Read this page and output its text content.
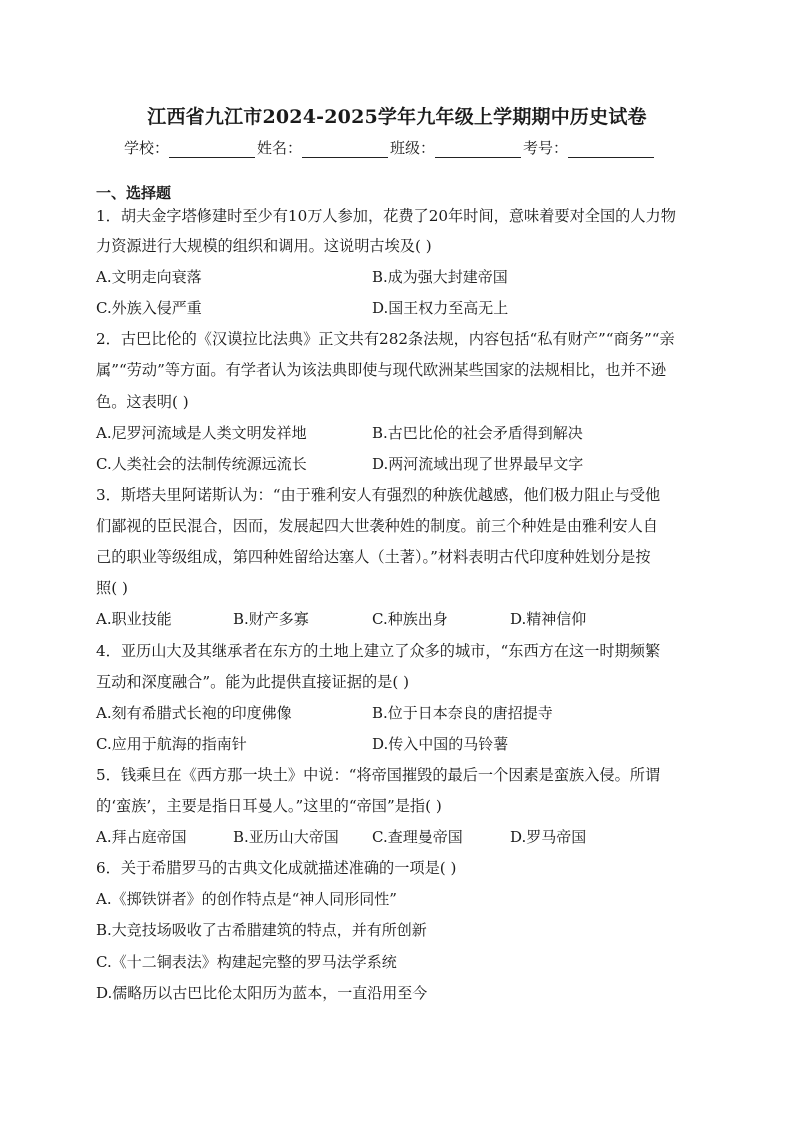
江西省九江市2024-2025学年九年级上学期期中历史试卷
学校：	姓名：	班级：	考号：
一、选择题
1．胡夫金字塔修建时至少有10万人参加，花费了20年时间，意味着要对全国的人力物
力资源进行大规模的组织和调用。这说明古埃及( )
A.文明走向衰落	B.成为强大封建帝国
C.外族入侵严重	D.国王权力至高无上
2．古巴比伦的《汉谟拉比法典》正文共有282条法规，内容包括“私有财产”“商务”“亲
属”“劳动”等方面。有学者认为该法典即使与现代欧洲某些国家的法规相比，也并不逊
色。这表明( )
A.尼罗河流域是人类文明发祥地	B.古巴比伦的社会矛盾得到解决
C.人类社会的法制传统源远流长	D.两河流域出现了世界最早文字
3．斯塔夫里阿诺斯认为：“由于雅利安人有强烈的种族优越感，他们极力阻止与受他
们鄙视的臣民混合，因而，发展起四大世袭种姓的制度。前三个种姓是由雅利安人自
己的职业等级组成，第四种姓留给达塞人（土著）。”材料表明古代印度种姓划分是按
照( )
A.职业技能	B.财产多寡	C.种族出身	D.精神信仰
4．亚历山大及其继承者在东方的土地上建立了众多的城市，“东西方在这一时期频繁
互动和深度融合”。能为此提供直接证据的是( )
A.刻有希腊式长袍的印度佛像	B.位于日本奈良的唐招提寺
C.应用于航海的指南针	D.传入中国的马铃薯
5．钱乘旦在《西方那一块土》中说：“将帝国摧毁的最后一个因素是蛮族入侵。所谓
的‘蛮族’，主要是指日耳曼人。”这里的“帝国”是指( )
A.拜占庭帝国	B.亚历山大帝国 C.查理曼帝国	D.罗马帝国
6．关于希腊罗马的古典文化成就描述准确的一项是( )
A.《掷铁饼者》的创作特点是“神人同形同性”
B.大竞技场吸收了古希腊建筑的特点，并有所创新
C.《十二铜表法》构建起完整的罗马法学系统
D.儒略历以古巴比伦太阳历为蓝本，一直沿用至今
